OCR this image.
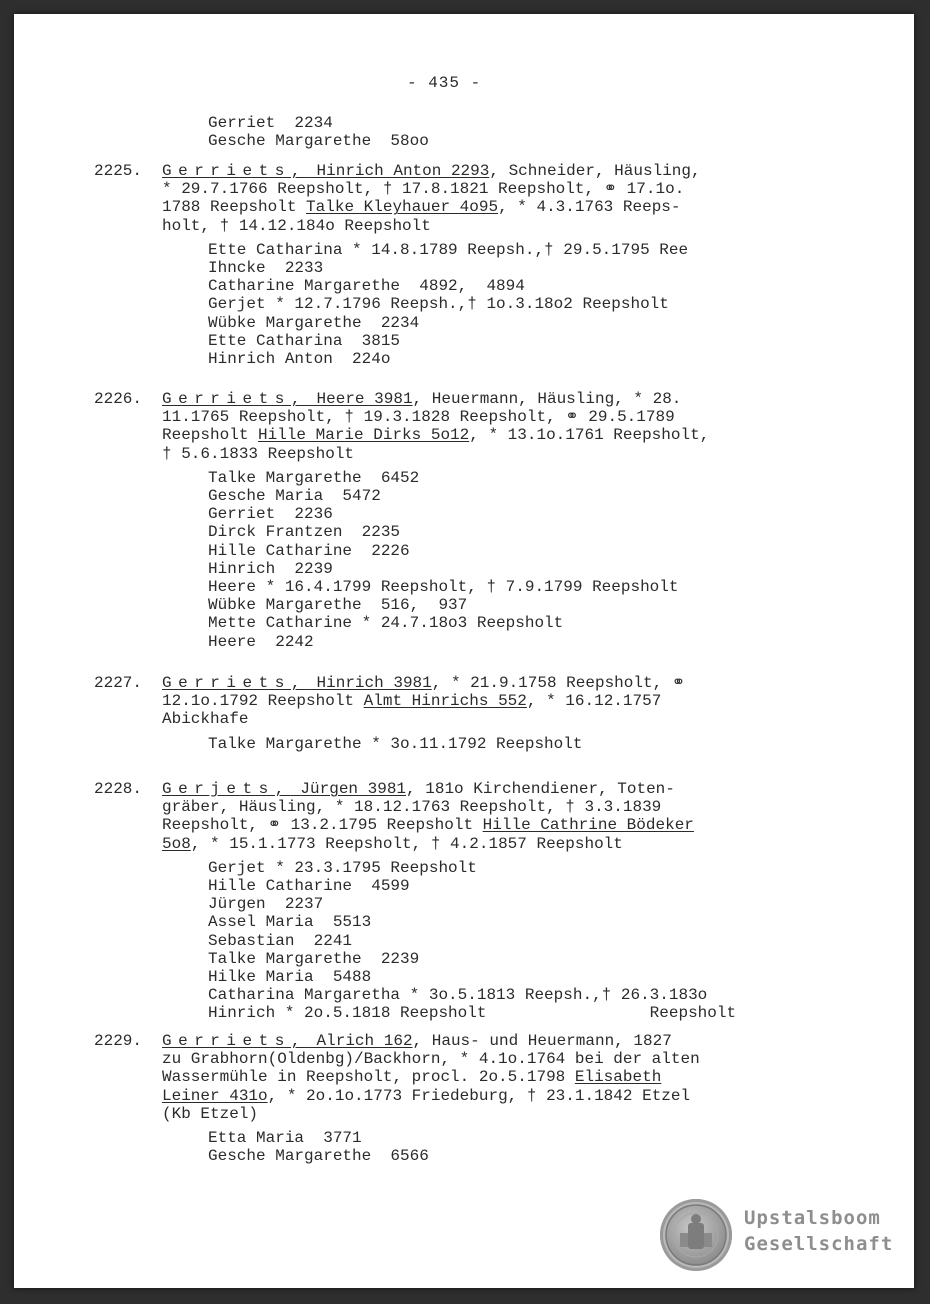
- 435 -
Gerriet  2234
Gesche Margarethe  58oo
2225. Gerriets, Hinrich Anton 2293, Schneider, Häusling,
* 29.7.1766 Reepsholt, † 17.8.1821 Reepsholt, ⚭ 17.1o.
1788 Reepsholt Talke Kleyhauer 4o95, * 4.3.1763 Reeps-
holt, † 14.12.184o Reepsholt
Ette Catharina * 14.8.1789 Reepsh.,† 29.5.1795 Ree
Ihncke  2233
Catharine Margarethe  4892,  4894
Gerjet * 12.7.1796 Reepsh.,† 1o.3.18o2 Reepsholt
Wübke Margarethe  2234
Ette Catharina  3815
Hinrich Anton  224o
2226. Gerriets, Heere 3981, Heuermann, Häusling, * 28.
11.1765 Reepsholt, † 19.3.1828 Reepsholt, ⚭ 29.5.1789
Reepsholt Hille Marie Dirks 5o12, * 13.1o.1761 Reepsholt,
† 5.6.1833 Reepsholt
Talke Margarethe  6452
Gesche Maria  5472
Gerriet  2236
Dirck Frantzen  2235
Hille Catharine  2226
Hinrich  2239
Heere * 16.4.1799 Reepsholt, † 7.9.1799 Reepsholt
Wübke Margarethe  516,  937
Mette Catharine * 24.7.18o3 Reepsholt
Heere  2242
2227. Gerriets, Hinrich 3981, * 21.9.1758 Reepsholt, ⚭
12.1o.1792 Reepsholt Almt Hinrichs 552, * 16.12.1757
Abickhafe
Talke Margarethe * 3o.11.1792 Reepsholt
2228. Gerjets, Jürgen 3981, 181o Kirchendiener, Toten-
gräber, Häusling, * 18.12.1763 Reepsholt, † 3.3.1839
Reepsholt, ⚭ 13.2.1795 Reepsholt Hille Cathrine Bödeker
5o8, * 15.1.1773 Reepsholt, † 4.2.1857 Reepsholt
Gerjet * 23.3.1795 Reepsholt
Hille Catharine  4599
Jürgen  2237
Assel Maria  5513
Sebastian  2241
Talke Margarethe  2239
Hilke Maria  5488
Catharina Margaretha * 3o.5.1813 Reepsh.,† 26.3.183o
Hinrich * 2o.5.1818 Reepsholt                 Reepsholt
2229. Gerriets, Alrich 162, Haus- und Heuermann, 1827
zu Grabhorn(Oldenbg)/Backhorn, * 4.1o.1764 bei der alten
Wassermühle in Reepsholt, procl. 2o.5.1798 Elisabeth
Leiner 431o, * 2o.1o.1773 Friedeburg, † 23.1.1842 Etzel
(Kb Etzel)
Etta Maria  3771
Gesche Margarethe  6566
Upstalsboom
Gesellschaft
